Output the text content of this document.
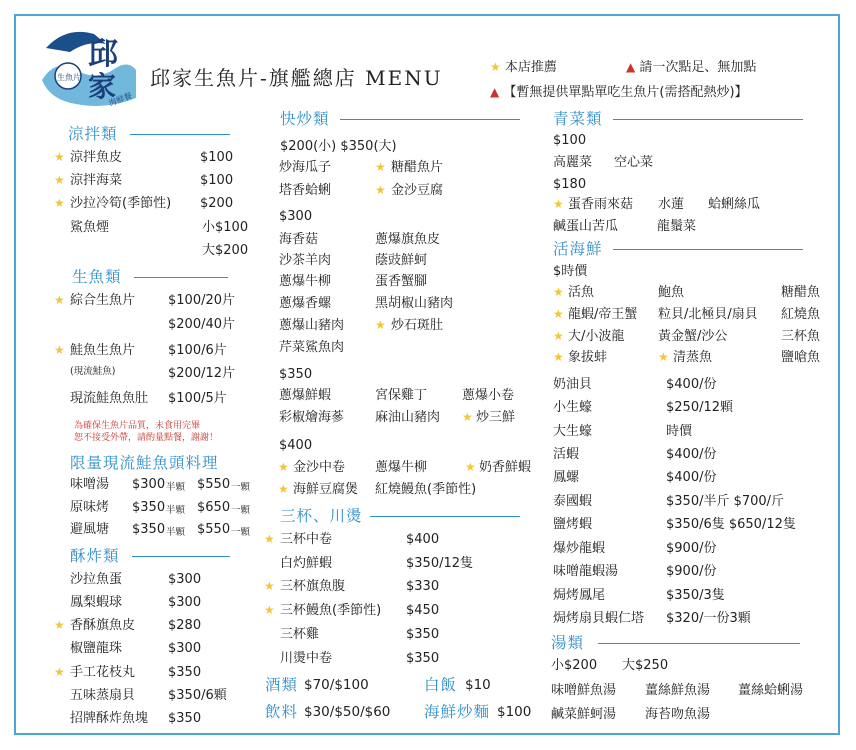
邱
家
生魚片
海鮮餐
邱家生魚片-旗艦總店 MENU	★ 本店推薦	▲ 請一次點足、無加點
▲ 【暫無提供單點單吃生魚片(需搭配熱炒)】
涼拌類
★ 涼拌魚皮	$100
★ 涼拌海菜	$100
★ 沙拉冷筍(季節性) $200
鯊魚煙	小$100
大$200
生魚類
★ 綜合生魚片	$100/20片
$200/40片
★ 鮭魚生魚片	$100/6片
(現流鮭魚)	$200/12片
現流鮭魚魚肚 $100/5片
為確保生魚片品質，未食用完畢
恕不接受外帶，請酌量點餐，謝謝！
限量現流鮭魚頭料理
味噌湯 $300 半顆 $550 一顆
原味烤 $350 半顆 $650 一顆
避風塘 $350 半顆 $550 一顆
酥炸類
沙拉魚蛋	$300
鳳梨蝦球	$300
★ 香酥旗魚皮	$280
椒鹽龍珠	$300
★ 手工花枝丸	$350
五味蒸扇貝	$350/6顆
招牌酥炸魚塊 $350
快炒類
$200(小) $350(大)
炒海瓜子	★ 糖醋魚片
塔香蛤蜊	★ 金沙豆腐
$300
海香菇	蔥爆旗魚皮
沙茶羊肉	蔭豉鮮蚵
蔥爆牛柳	蛋香蟹腳
蔥爆香螺	黑胡椒山豬肉
蔥爆山豬肉	★ 炒石斑肚
芹菜鯊魚肉
$350
蔥爆鮮蝦	宮保雞丁	蔥爆小卷
彩椒燴海蔘 麻油山豬肉 ★ 炒三鮮
$400
★ 金沙中卷 蔥爆牛柳	★ 奶香鮮蝦
★ 海鮮豆腐煲 紅燒鰻魚(季節性)
三杯、川燙
★ 三杯中卷	$400
白灼鮮蝦	$350/12隻
★ 三杯旗魚腹	$330
★ 三杯鰻魚(季節性) $450
三杯雞	$350
川燙中卷	$350
酒類 $70/$100	白飯 $10
飲料 $30/$50/$60 海鮮炒麵 $100
青菜類
$100
高麗菜 空心菜
$180
★ 蛋香雨來菇 水蓮 蛤蜊絲瓜
鹹蛋山苦瓜	龍鬚菜
活海鮮
$時價
★ 活魚	鮑魚	糖醋魚
★ 龍蝦/帝王蟹 粒貝/北極貝/扇貝 紅燒魚
★ 大/小波龍	黃金蟹/沙公	三杯魚
★ 象拔蚌	★ 清蒸魚	鹽嗆魚
奶油貝	$400/份
小生蠔	$250/12顆
大生蠔	時價
活蝦	$400/份
鳳螺	$400/份
泰國蝦	$350/半斤 $700/斤
鹽烤蝦	$350/6隻 $650/12隻
爆炒龍蝦	$900/份
味噌龍蝦湯	$900/份
焗烤鳳尾	$350/3隻
焗烤扇貝蝦仁塔 $320/一份3顆
湯類
小$200 大$250
味噌鮮魚湯 薑絲鮮魚湯 薑絲蛤蜊湯
鹹菜鮮蚵湯 海苔吻魚湯
